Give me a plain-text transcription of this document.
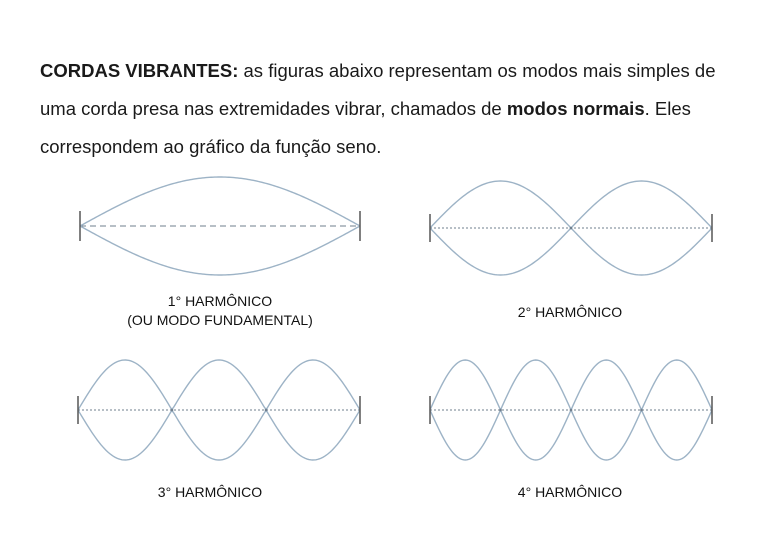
CORDAS VIBRANTES: as figuras abaixo representam os modos mais simples de uma corda presa nas extremidades vibrar, chamados de modos normais. Eles correspondem ao gráfico da função seno.

1° HARMÔNICO
(OU MODO FUNDAMENTAL)	2° HARMÔNICO
3° HARMÔNICO	4° HARMÔNICO
